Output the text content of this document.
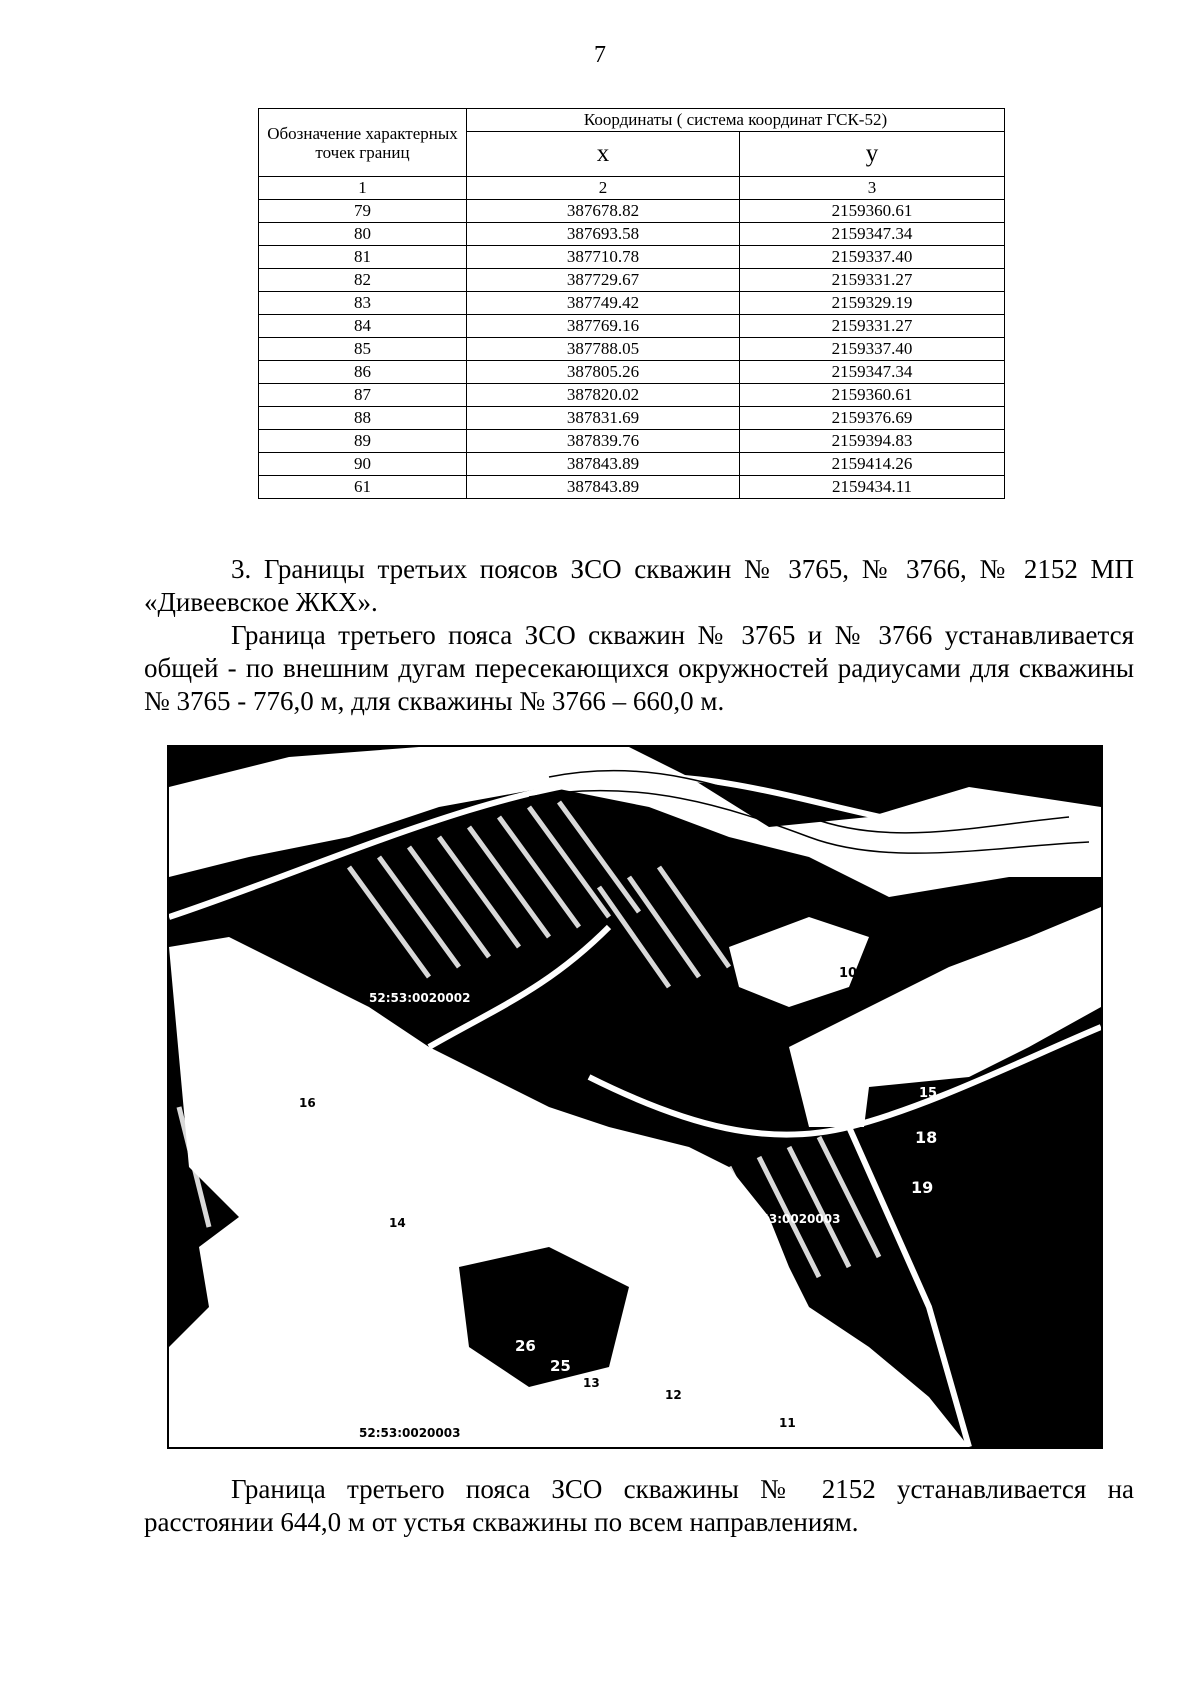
7
Обозначение характерных точек границ	Координаты ( система координат ГСК-52)	
	x	y
1	2	3
79	387678.82	2159360.61
80	387693.58	2159347.34
81	387710.78	2159337.40
82	387729.67	2159331.27
83	387749.42	2159329.19
84	387769.16	2159331.27
85	387788.05	2159337.40
86	387805.26	2159347.34
87	387820.02	2159360.61
88	387831.69	2159376.69
89	387839.76	2159394.83
90	387843.89	2159414.26
61	387843.89	2159434.11

3. Границы третьих поясов ЗСО скважин № 3765, № 3766, № 2152 МП «Дивеевское ЖКХ».

Граница третьего пояса ЗСО скважин № 3765 и № 3766 устанавливается общей - по внешним дугам пересекающихся окружностей радиусами для скважины № 3765 - 776,0 м, для скважины № 3766 – 660,0 м.

52:53:0020002
52:53:0020003
52:53:0020003
10
18
19
15
26
25
16
14
13
12
11

Граница третьего пояса ЗСО скважины № 2152 устанавливается на расстоянии 644,0 м от устья скважины по всем направлениям.
